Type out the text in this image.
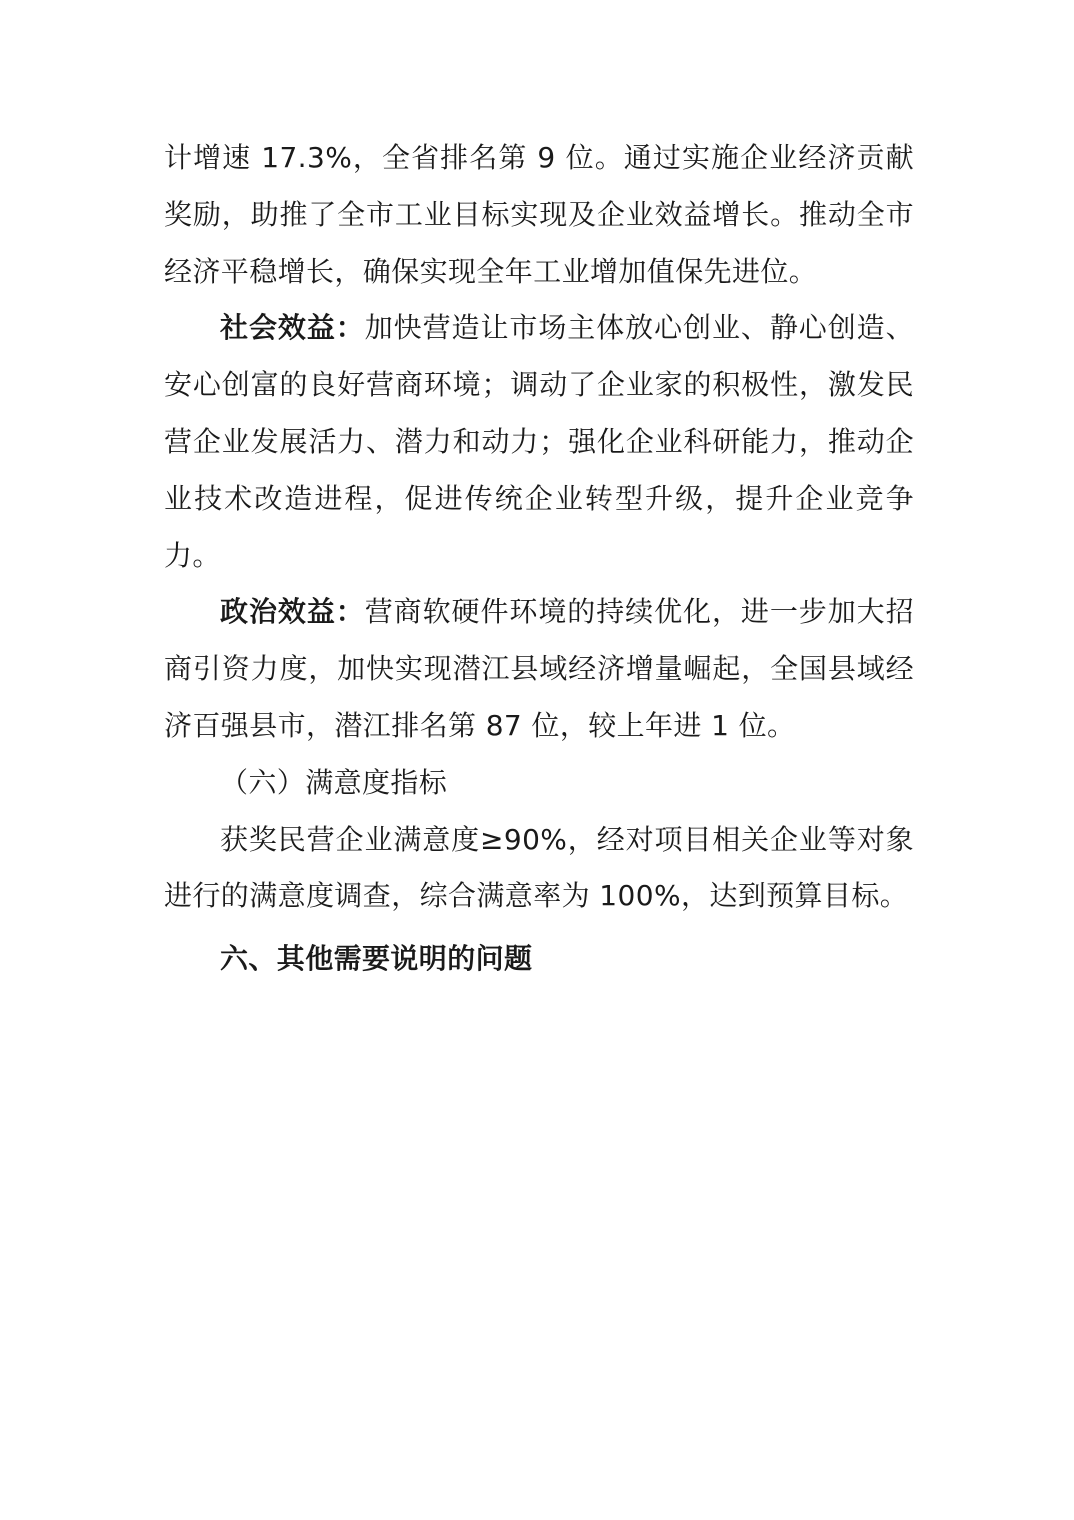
计增速 17.3%，全省排名第 9 位。通过实施企业经济贡献奖励，助推了全市工业目标实现及企业效益增长。推动全市经济平稳增长，确保实现全年工业增加值保先进位。

社会效益：加快营造让市场主体放心创业、静心创造、安心创富的良好营商环境；调动了企业家的积极性，激发民营企业发展活力、潜力和动力；强化企业科研能力，推动企业技术改造进程，促进传统企业转型升级，提升企业竞争力。

政治效益：营商软硬件环境的持续优化，进一步加大招商引资力度，加快实现潜江县域经济增量崛起，全国县域经济百强县市，潜江排名第 87 位，较上年进 1 位。

（六）满意度指标

获奖民营企业满意度≥90%，经对项目相关企业等对象进行的满意度调查，综合满意率为 100%，达到预算目标。

六、其他需要说明的问题
